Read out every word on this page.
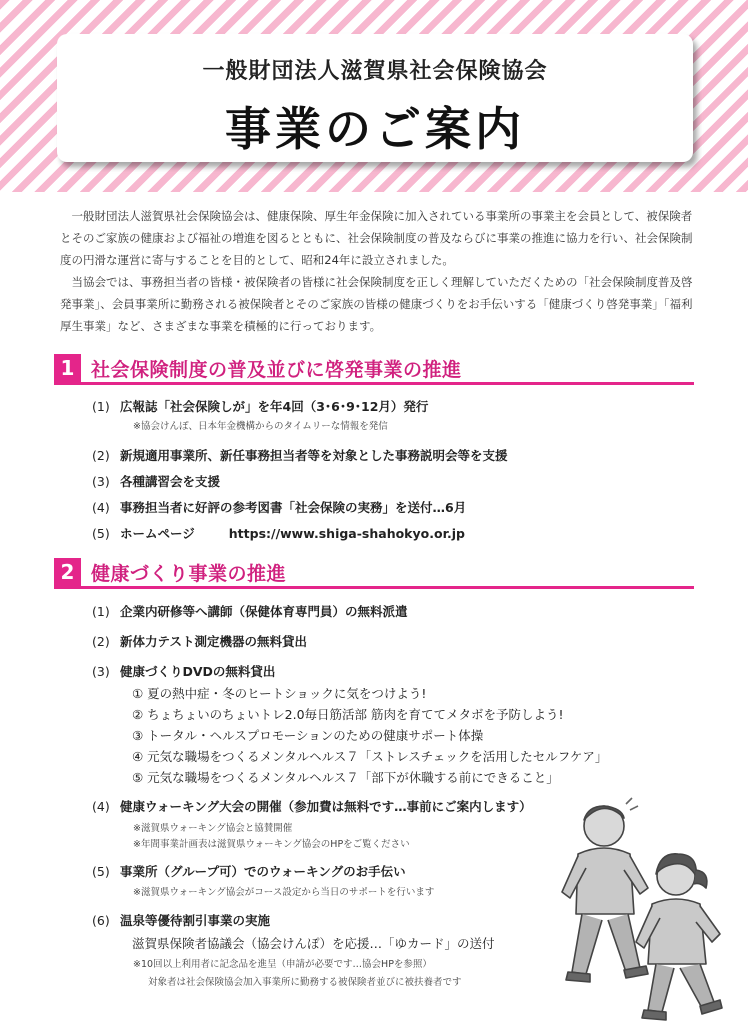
一般財団法人滋賀県社会保険協会
事業のご案内

一般財団法人滋賀県社会保険協会は、健康保険、厚生年金保険に加入されている事業所の事業主を会員として、被保険者とそのご家族の健康および福祉の増進を図るとともに、社会保険制度の普及ならびに事業の推進に協力を行い、社会保険制度の円滑な運営に寄与することを目的として、昭和24年に設立されました。

当協会では、事務担当者の皆様・被保険者の皆様に社会保険制度を正しく理解していただくための「社会保険制度普及啓発事業」、会員事業所に勤務される被保険者とそのご家族の皆様の健康づくりをお手伝いする「健康づくり啓発事業」「福利厚生事業」など、さまざまな事業を積極的に行っております。

1 社会保険制度の普及並びに啓発事業の推進
(1) 広報誌「社会保険しが」を年4回（3･6･9･12月）発行
※協会けんぽ、日本年金機構からのタイムリーな情報を発信
(2) 新規適用事業所、新任事務担当者等を対象とした事務説明会等を支援
(3) 各種講習会を支援
(4) 事務担当者に好評の参考図書「社会保険の実務」を送付…6月
(5) ホームページ	https://www.shiga-shahokyo.or.jp
2 健康づくり事業の推進
(1) 企業内研修等へ講師（保健体育専門員）の無料派遣
(2) 新体力テスト測定機器の無料貸出
(3) 健康づくりDVDの無料貸出
① 夏の熱中症・冬のヒートショックに気をつけよう!
② ちょちょいのちょいトレ2.0毎日筋活部 筋肉を育ててメタボを予防しよう!
③ トータル・ヘルスプロモーションのための健康サポート体操
④ 元気な職場をつくるメンタルヘルス７「ストレスチェックを活用したセルフケア」
⑤ 元気な職場をつくるメンタルヘルス７「部下が休職する前にできること」
(4) 健康ウォーキング大会の開催（参加費は無料です…事前にご案内します）
※滋賀県ウォーキング協会と協賛開催
※年間事業計画表は滋賀県ウォーキング協会のHPをご覧ください
(5) 事業所（グループ可）でのウォーキングのお手伝い
※滋賀県ウォーキング協会がコース設定から当日のサポートを行います
(6) 温泉等優待割引事業の実施
滋賀県保険者協議会（協会けんぽ）を応援…「ゆカード」の送付
※10回以上利用者に記念品を進呈（申請が必要です…協会HPを参照）
対象者は社会保険協会加入事業所に勤務する被保険者並びに被扶養者です
